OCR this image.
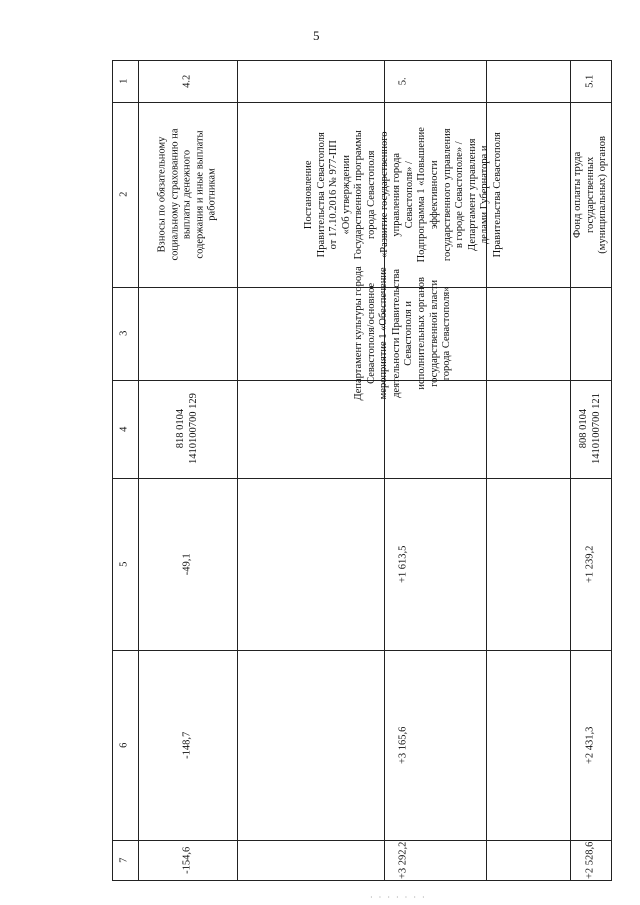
5
1
2
3
4
5
6
7
4.2
Взносы по обязательному социальному страхованию на выплаты денежного содержания и иные выплаты работникам
818 0104 1410100700 129
-49,1
-148,7
-154,6
5.
Постановление Правительства Севастополя от 17.10.2016 № 977-ПП «Об утверждении Государственной программы города Севастополя «Развитие государственного управления города Севастополя» / Подпрограмма 1 «Повышение эффективности государственного управления в городе Севастополе» / Департамент управления делами Губернатора и Правительства Севастополя
Департамент культуры города Севастополя/основное мероприятие 1 «Обеспечение деятельности Правительства Севастополя и исполнительных органов государственной власти города Севастополя»
+1 613,5
+3 165,6
+3 292,2
5.1
Фонд оплаты труда государственных (муниципальных) органов
808 0104 1410100700 121
+1 239,2
+2 431,3
+2 528,6
· · · · · · ·
